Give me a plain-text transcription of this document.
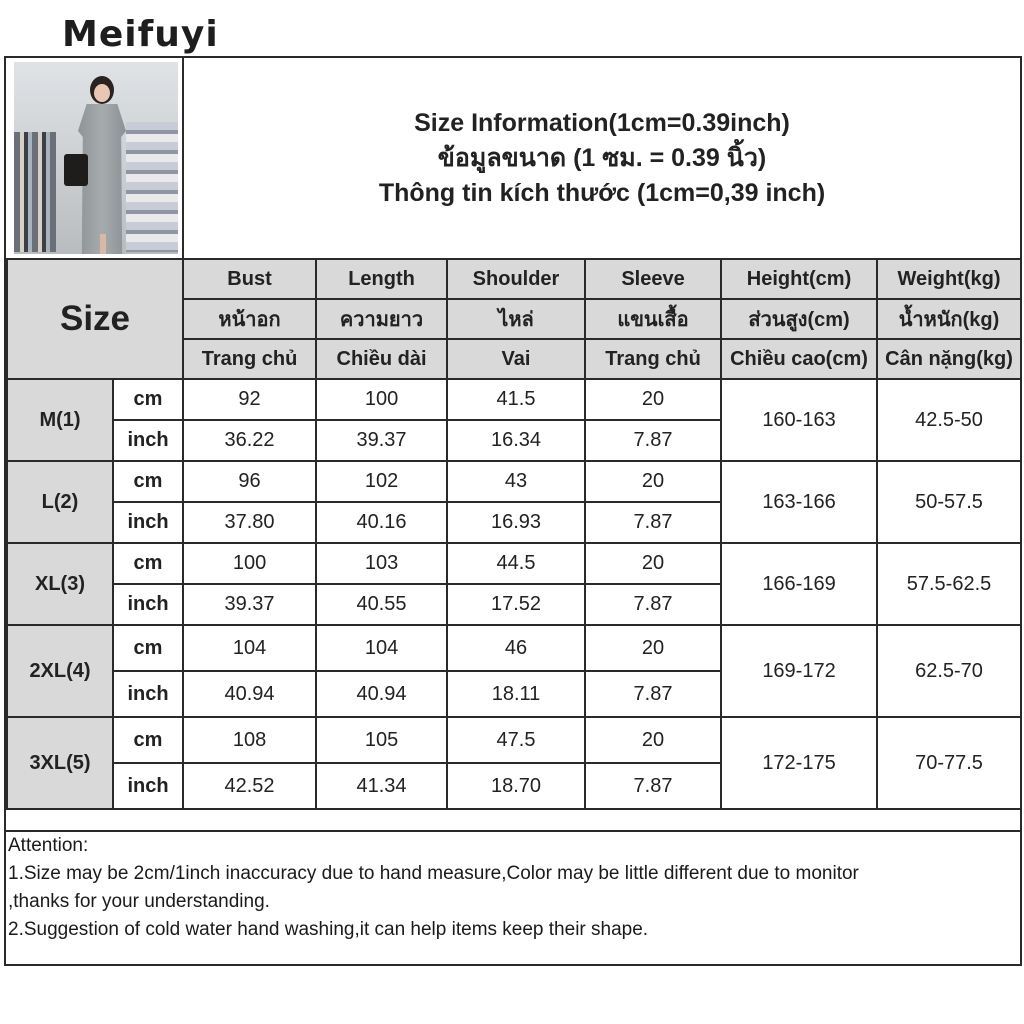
Meifuyi
Size Information(1cm=0.39inch)
ข้อมูลขนาด (1 ซม. = 0.39 นิ้ว)
Thông tin kích thước (1cm=0,39 inch)
Size		Bust	Length	Shoulder	Sleeve	Height(cm)	Weight(kg)
		หน้าอก	ความยาว	ไหล่	แขนเสื้อ	ส่วนสูง(cm)	น้ำหนัก(kg)
		Trang chủ	Chiều dài	Vai	Trang chủ	Chiều cao(cm)	Cân nặng(kg)
M(1)	cm	92	100	41.5	20	160-163	42.5-50
	inch	36.22	39.37	16.34	7.87		
L(2)	cm	96	102	43	20	163-166	50-57.5
	inch	37.80	40.16	16.93	7.87		
XL(3)	cm	100	103	44.5	20	166-169	57.5-62.5
	inch	39.37	40.55	17.52	7.87		
2XL(4)	cm	104	104	46	20	169-172	62.5-70
	inch	40.94	40.94	18.11	7.87		
3XL(5)	cm	108	105	47.5	20	172-175	70-77.5
	inch	42.52	41.34	18.70	7.87		
Attention:
1.Size may be 2cm/1inch inaccuracy due to hand measure,Color may be little different due to monitor
,thanks for your understanding.
2.Suggestion of cold water hand washing,it can help items keep their shape.
